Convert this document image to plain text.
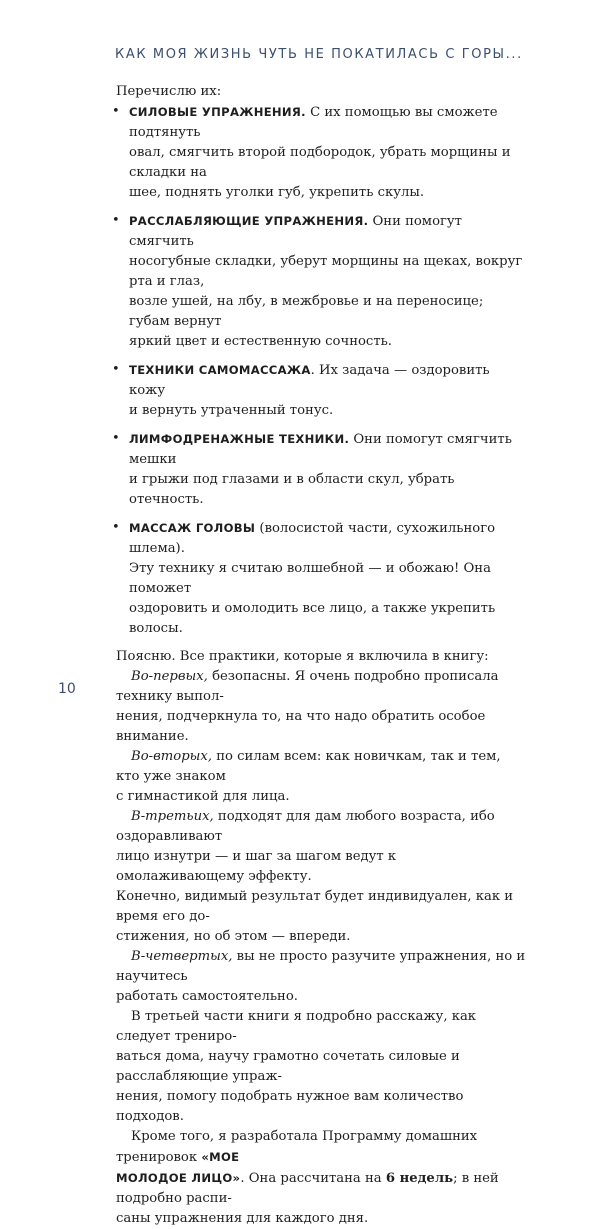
КАК МОЯ ЖИЗНЬ ЧУТЬ НЕ ПОКАТИЛАСЬ С ГОРЫ...

Перечислю их:

• СИЛОВЫЕ УПРАЖНЕНИЯ. С их помощью вы сможете подтянуть
овал, смягчить второй подбородок, убрать морщины и складки на
шее, поднять уголки губ, укрепить скулы.
• РАССЛАБЛЯЮЩИЕ УПРАЖНЕНИЯ. Они помогут смягчить
носогубные складки, уберут морщины на щеках, вокруг рта и глаз,
возле ушей, на лбу, в межбровье и на переносице; губам вернут
яркий цвет и естественную сочность.
• ТЕХНИКИ САМОМАССАЖА. Их задача — оздоровить кожу
и вернуть утраченный тонус.
• ЛИМФОДРЕНАЖНЫЕ ТЕХНИКИ. Они помогут смягчить мешки
и грыжи под глазами и в области скул, убрать отечность.
• МАССАЖ ГОЛОВЫ (волосистой части, сухожильного шлема).
Эту технику я считаю волшебной — и обожаю! Она поможет
оздоровить и омолодить все лицо, а также укрепить волосы.

Поясню. Все практики, которые я включила в книгу:

Во-первых, безопасны. Я очень подробно прописала технику выпол-
нения, подчеркнула то, на что надо обратить особое внимание.

Во-вторых, по силам всем: как новичкам, так и тем, кто уже знаком
с гимнастикой для лица.

В-третьих, подходят для дам любого возраста, ибо оздоравливают
лицо изнутри — и шаг за шагом ведут к омолаживающему эффекту.
Конечно, видимый результат будет индивидуален, как и время его до-
стижения, но об этом — впереди.

В-четвертых, вы не просто разучите упражнения, но и научитесь
работать самостоятельно.

В третьей части книги я подробно расскажу, как следует трениро-
ваться дома, научу грамотно сочетать силовые и расслабляющие упраж-
нения, помогу подобрать нужное вам количество подходов.

Кроме того, я разработала Программу домашних тренировок «МОЕ
МОЛОДОЕ ЛИЦО». Она рассчитана на 6 недель; в ней подробно распи-
саны упражнения для каждого дня.

10
